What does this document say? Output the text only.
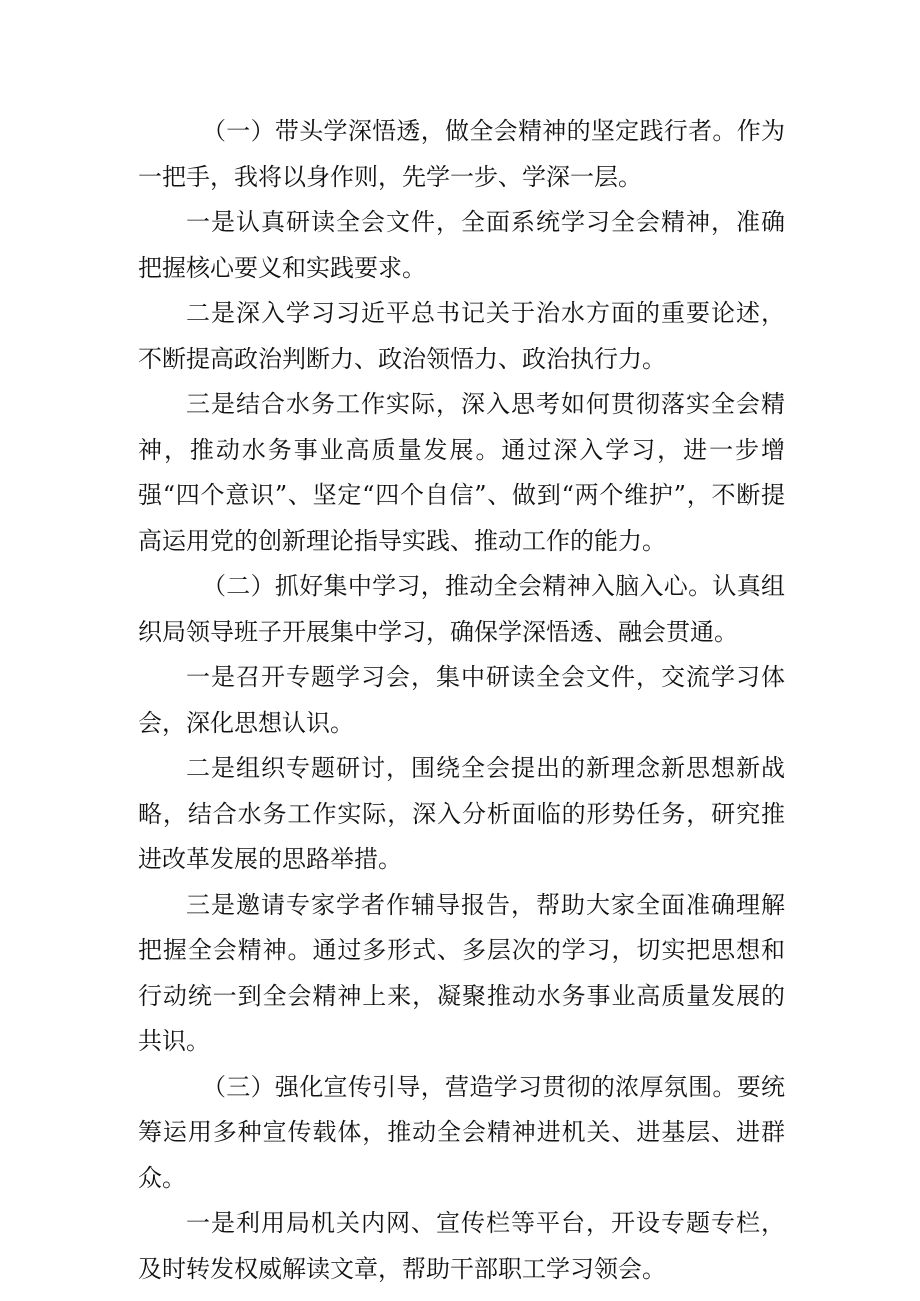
（一）带头学深悟透，做全会精神的坚定践行者。作为一把手，我将以身作则，先学一步、学深一层。

一是认真研读全会文件，全面系统学习全会精神，准确把握核心要义和实践要求。

二是深入学习习近平总书记关于治水方面的重要论述，不断提高政治判断力、政治领悟力、政治执行力。

三是结合水务工作实际，深入思考如何贯彻落实全会精神，推动水务事业高质量发展。通过深入学习，进一步增强“四个意识”、坚定“四个自信”、做到“两个维护”，不断提高运用党的创新理论指导实践、推动工作的能力。

（二）抓好集中学习，推动全会精神入脑入心。认真组织局领导班子开展集中学习，确保学深悟透、融会贯通。

一是召开专题学习会，集中研读全会文件，交流学习体会，深化思想认识。

二是组织专题研讨，围绕全会提出的新理念新思想新战略，结合水务工作实际，深入分析面临的形势任务，研究推进改革发展的思路举措。

三是邀请专家学者作辅导报告，帮助大家全面准确理解把握全会精神。通过多形式、多层次的学习，切实把思想和行动统一到全会精神上来，凝聚推动水务事业高质量发展的共识。

（三）强化宣传引导，营造学习贯彻的浓厚氛围。要统筹运用多种宣传载体，推动全会精神进机关、进基层、进群众。

一是利用局机关内网、宣传栏等平台，开设专题专栏，及时转发权威解读文章，帮助干部职工学习领会。
